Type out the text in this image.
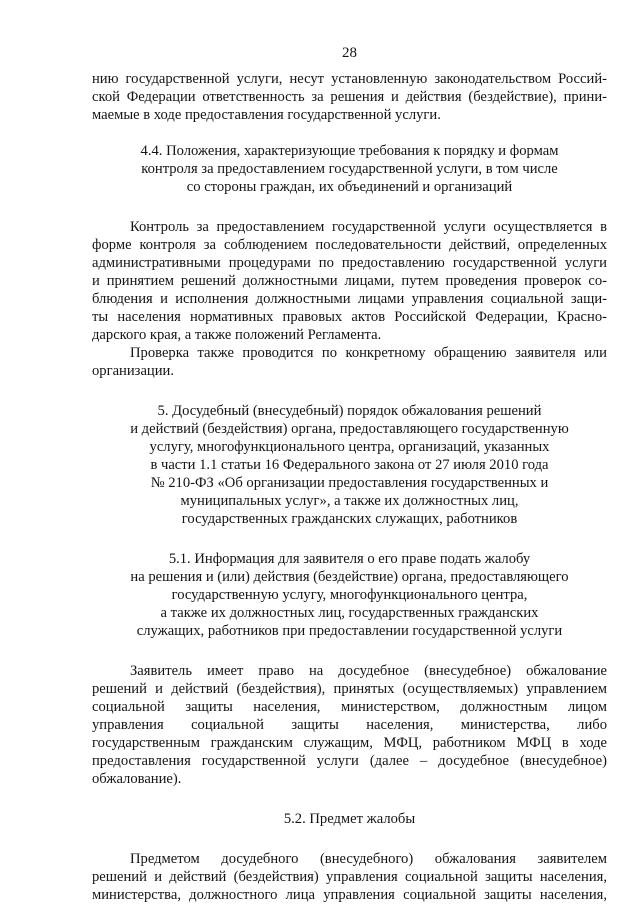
28
нию государственной услуги, несут установленную законодательством Россий-
ской Федерации ответственность за решения и действия (бездействие), прини-
маемые в ходе предоставления государственной услуги.
4.4. Положения, характеризующие требования к порядку и формам
контроля за предоставлением государственной услуги, в том числе
со стороны граждан, их объединений и организаций
Контроль за предоставлением государственной услуги осуществляется в
форме контроля за соблюдением последовательности действий, определенных
административными процедурами по предоставлению государственной услуги
и принятием решений должностными лицами, путем проведения проверок со-
блюдения и исполнения должностными лицами управления социальной защи-
ты населения нормативных правовых актов Российской Федерации, Красно-
дарского края, а также положений Регламента.
Проверка также проводится по конкретному обращению заявителя или
организации.
5. Досудебный (внесудебный) порядок обжалования решений
и действий (бездействия) органа, предоставляющего государственную
услугу, многофункционального центра, организаций, указанных
в части 1.1 статьи 16 Федерального закона от 27 июля 2010 года
№ 210-ФЗ «Об организации предоставления государственных и
муниципальных услуг», а также их должностных лиц,
государственных гражданских служащих, работников
5.1. Информация для заявителя о его праве подать жалобу
на решения и (или) действия (бездействие) органа, предоставляющего
государственную услугу, многофункционального центра,
а также их должностных лиц, государственных гражданских
служащих, работников при предоставлении государственной услуги
Заявитель имеет право на досудебное (внесудебное) обжалование
решений и действий (бездействия), принятых (осуществляемых) управлением
социальной защиты населения, министерством, должностным лицом
управления социальной защиты населения, министерства, либо
государственным гражданским служащим, МФЦ, работником МФЦ в ходе
предоставления государственной услуги (далее – досудебное (внесудебное)
обжалование).
5.2. Предмет жалобы
Предметом досудебного (внесудебного) обжалования заявителем
решений и действий (бездействия) управления социальной защиты населения,
министерства, должностного лица управления социальной защиты населения,
